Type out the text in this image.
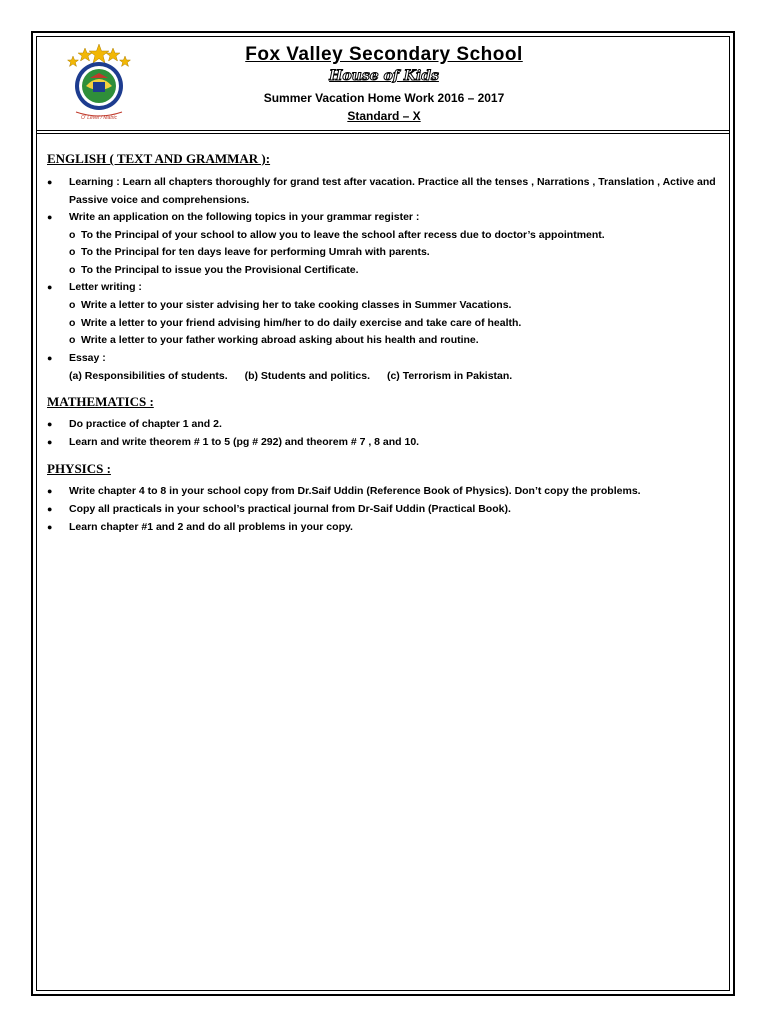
O' Level / Matric
Fox Valley Secondary School
House of Kids
Summer Vacation Home Work 2016 – 2017
Standard – X
ENGLISH ( TEXT AND GRAMMAR ):
● Learning : Learn all chapters thoroughly for grand test after vacation. Practice all the tenses , Narrations , Translation , Active and Passive voice and comprehensions.
● Write an application on the following topics in your grammar register :
o To the Principal of your school to allow you to leave the school after recess due to doctor’s appointment.
o To the Principal for ten days leave for performing Umrah with parents.
o To the Principal to issue you the Provisional Certificate.
● Letter writing :
o Write a letter to your sister advising her to take cooking classes in Summer Vacations.
o Write a letter to your friend advising him/her to do daily exercise and take care of health.
o Write a letter to your father working abroad asking about his health and routine.
● Essay :
(a) Responsibilities of students. (b) Students and politics. (c) Terrorism in Pakistan.
MATHEMATICS :
● Do practice of chapter 1 and 2.
● Learn and write theorem # 1 to 5 (pg # 292) and theorem # 7 , 8 and 10.
PHYSICS :
● Write chapter 4 to 8 in your school copy from Dr.Saif Uddin (Reference Book of Physics). Don’t copy the problems.
● Copy all practicals in your school’s practical journal from Dr-Saif Uddin (Practical Book).
● Learn chapter #1 and 2 and do all problems in your copy.
